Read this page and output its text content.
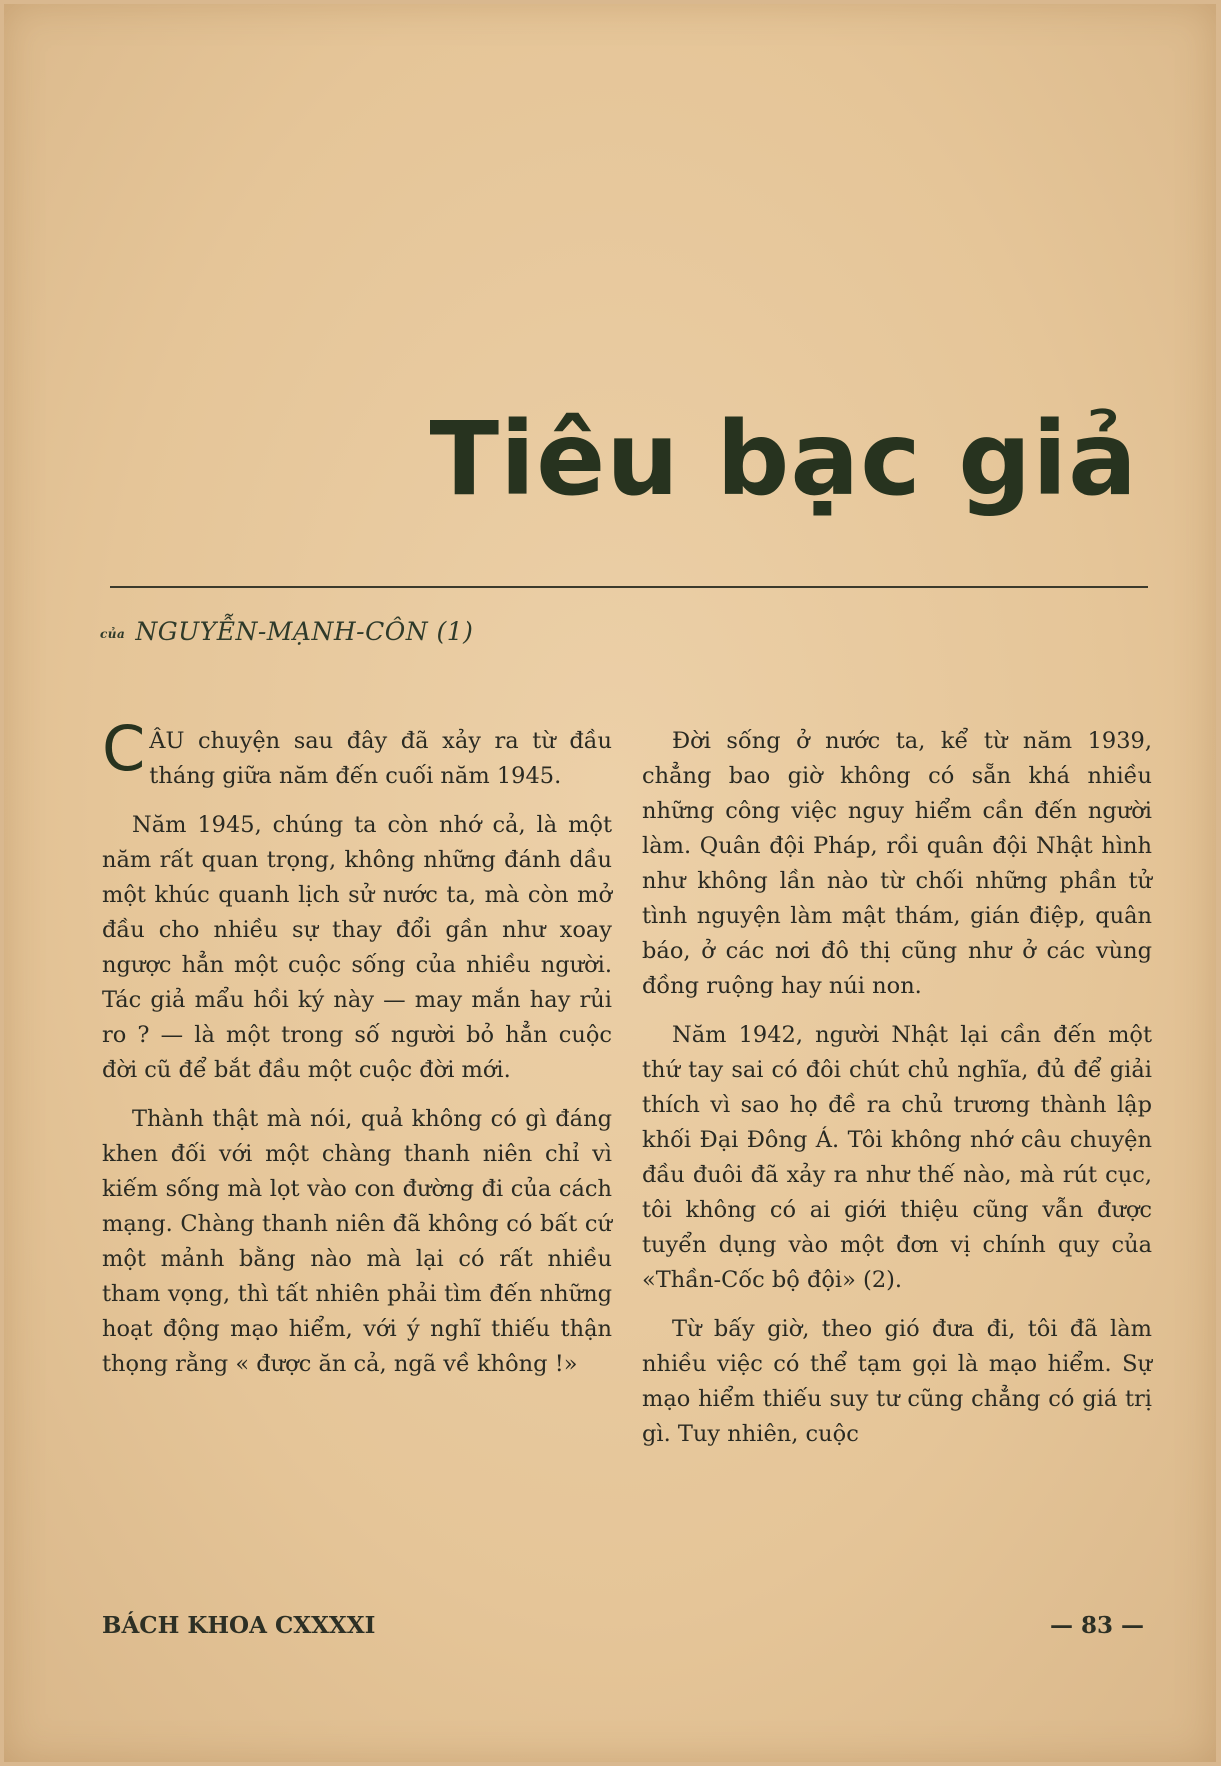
Tiêu bạc giả
của NGUYỄN-MẠNH-CÔN (1)

CÂU chuyện sau đây đã xảy ra từ đầu tháng giữa năm đến cuối năm 1945.

Năm 1945, chúng ta còn nhớ cả, là một năm rất quan trọng, không những đánh dầu một khúc quanh lịch sử nước ta, mà còn mở đầu cho nhiều sự thay đổi gần như xoay ngược hẳn một cuộc sống của nhiều người. Tác giả mẩu hồi ký này — may mắn hay rủi ro ? — là một trong số người bỏ hẳn cuộc đời cũ để bắt đầu một cuộc đời mới.

Thành thật mà nói, quả không có gì đáng khen đối với một chàng thanh niên chỉ vì kiếm sống mà lọt vào con đường đi của cách mạng. Chàng thanh niên đã không có bất cứ một mảnh bằng nào mà lại có rất nhiều tham vọng, thì tất nhiên phải tìm đến những hoạt động mạo hiểm, với ý nghĩ thiếu thận thọng rằng « được ăn cả, ngã về không !»

Đời sống ở nước ta, kể từ năm 1939, chẳng bao giờ không có sẵn khá nhiều những công việc nguy hiểm cần đến người làm. Quân đội Pháp, rồi quân đội Nhật hình như không lần nào từ chối những phần tử tình nguyện làm mật thám, gián điệp, quân báo, ở các nơi đô thị cũng như ở các vùng đồng ruộng hay núi non.

Năm 1942, người Nhật lại cần đến một thứ tay sai có đôi chút chủ nghĩa, đủ để giải thích vì sao họ đề ra chủ trương thành lập khối Đại Đông Á. Tôi không nhớ câu chuyện đầu đuôi đã xảy ra như thế nào, mà rút cục, tôi không có ai giới thiệu cũng vẫn được tuyển dụng vào một đơn vị chính quy của «Thần-Cốc bộ đội» (2).

Từ bấy giờ, theo gió đưa đi, tôi đã làm nhiều việc có thể tạm gọi là mạo hiểm. Sự mạo hiểm thiếu suy tư cũng chẳng có giá trị gì. Tuy nhiên, cuộc

BÁCH KHOA CXXXXI	— 83 —
